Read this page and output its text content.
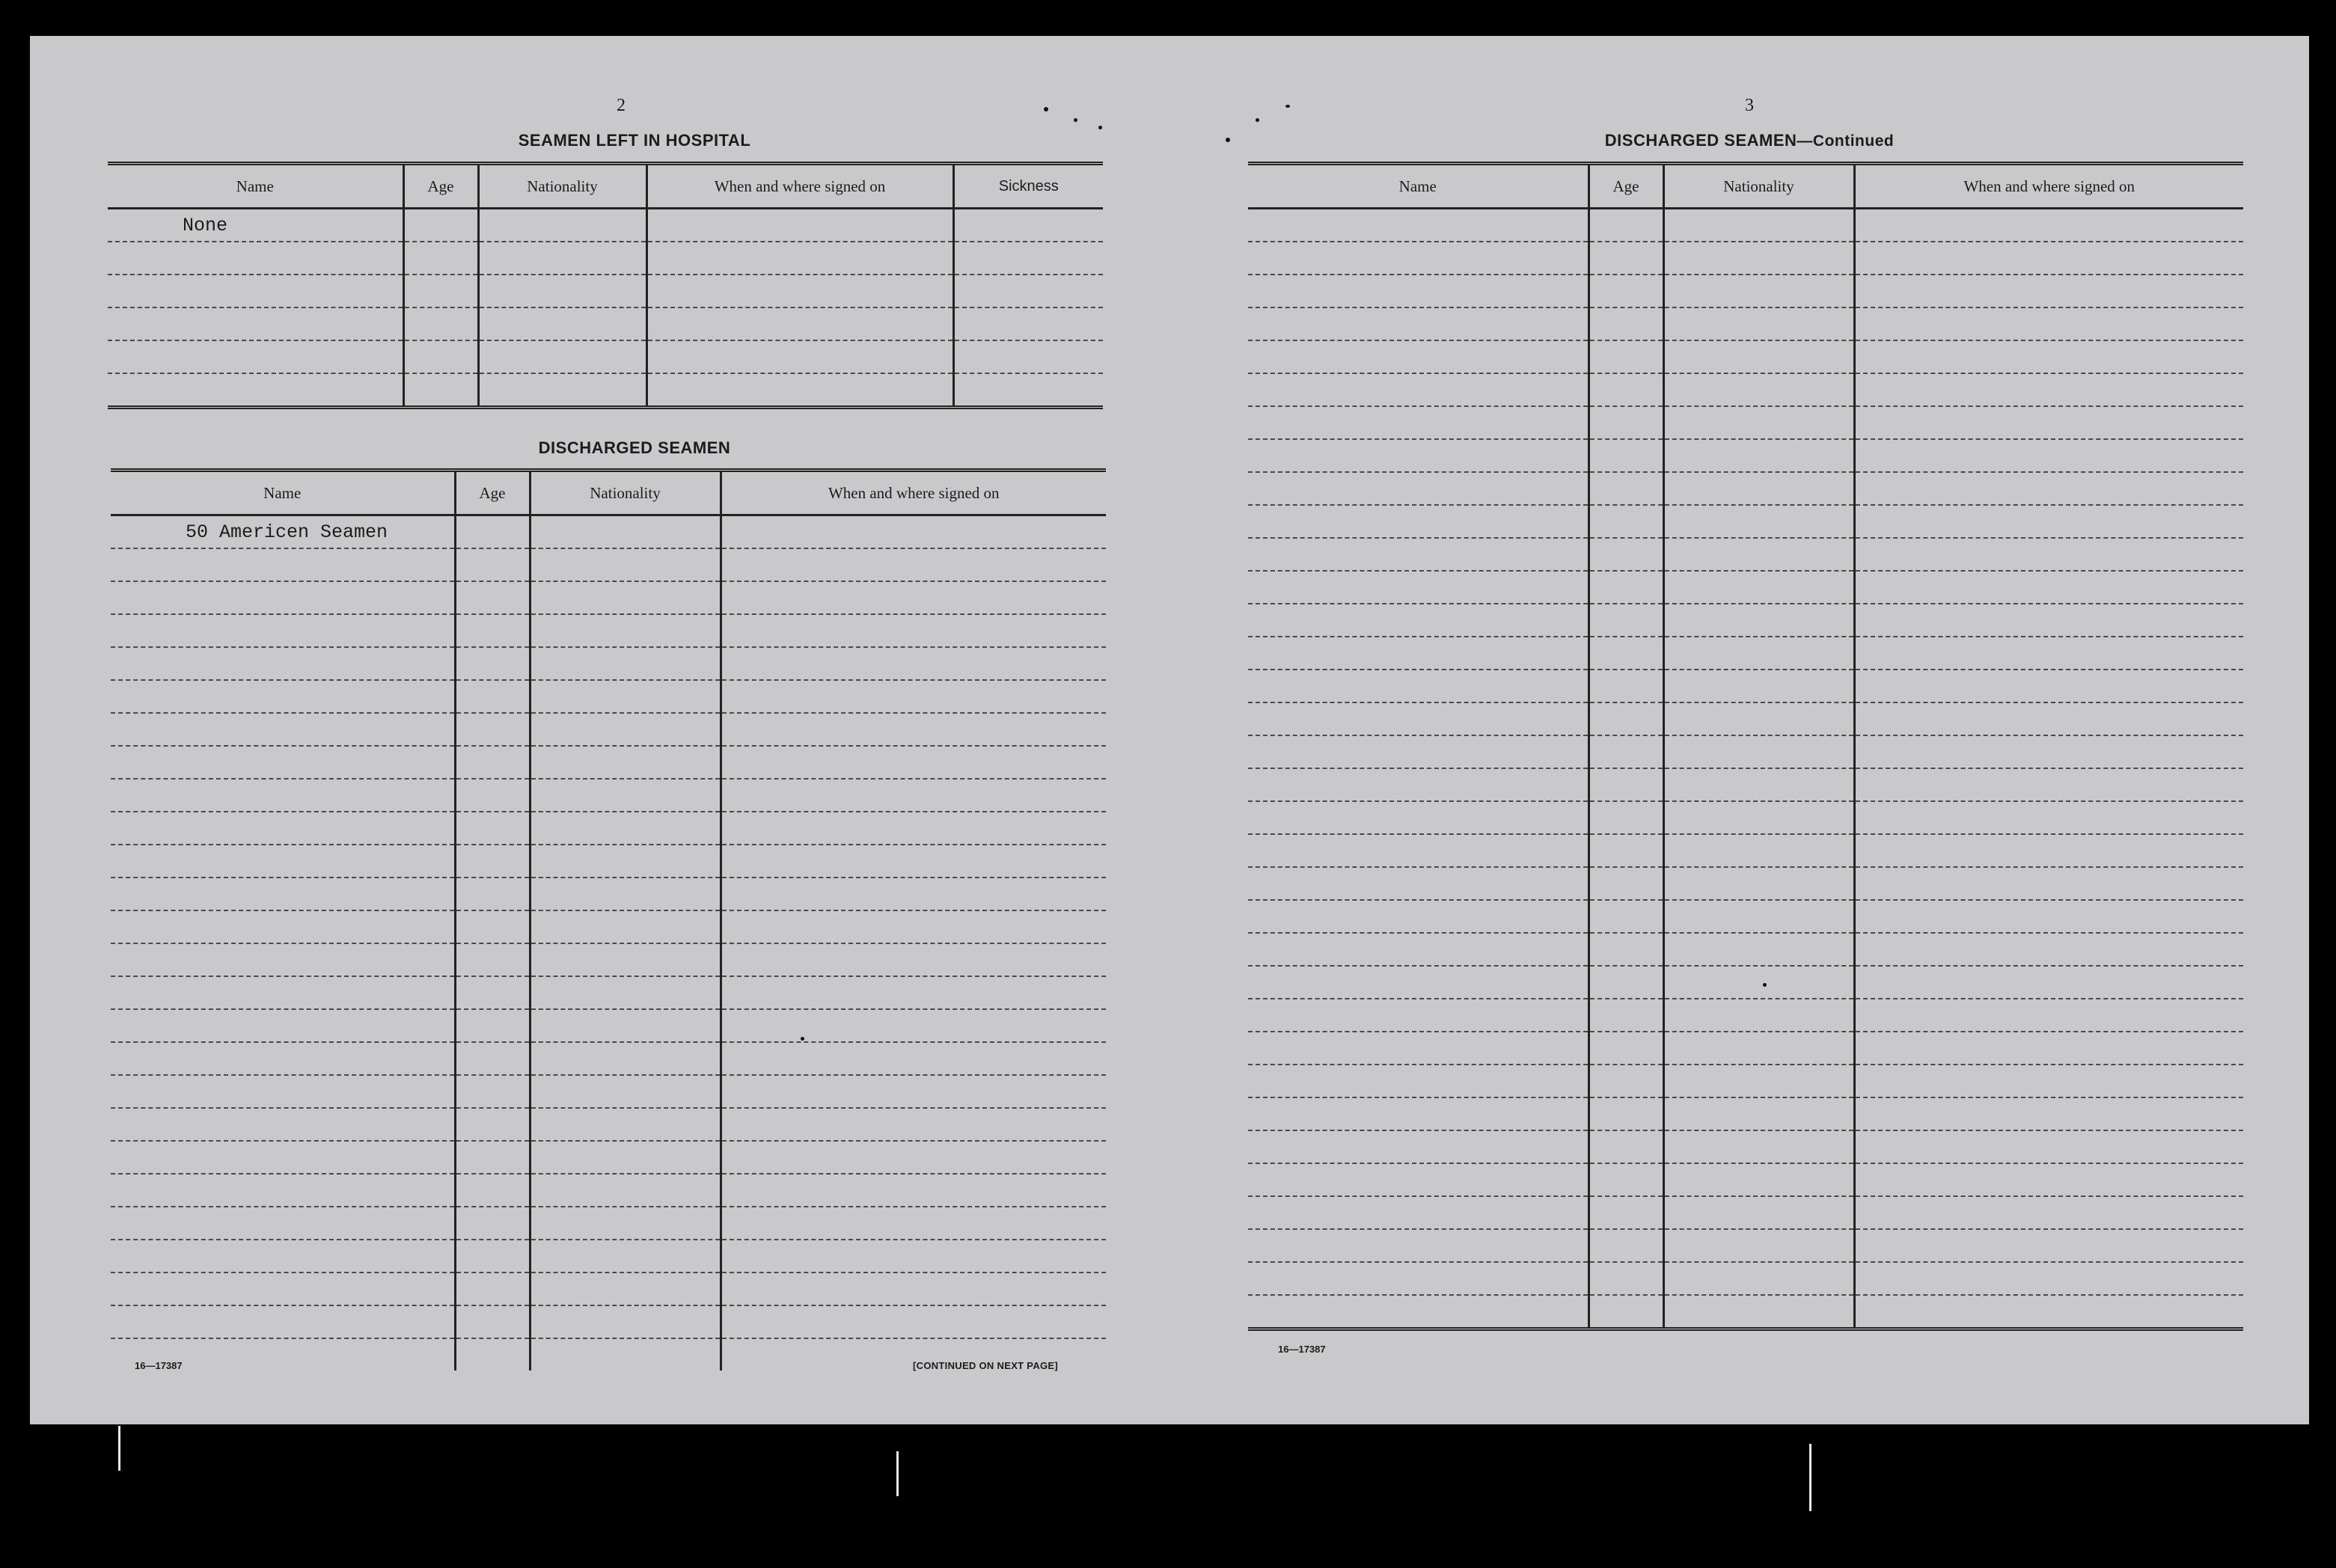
2
SEAMEN LEFT IN HOSPITAL
Name	Age	Nationality	When and where signed on	Sickness
None				

DISCHARGED SEAMEN
Name	Age	Nationality	When and where signed on
50 Americen Seamen			

16—17387	[CONTINUED ON NEXT PAGE]
3
DISCHARGED SEAMEN—Continued
Name	Age	Nationality	When and where signed on

16—17387
